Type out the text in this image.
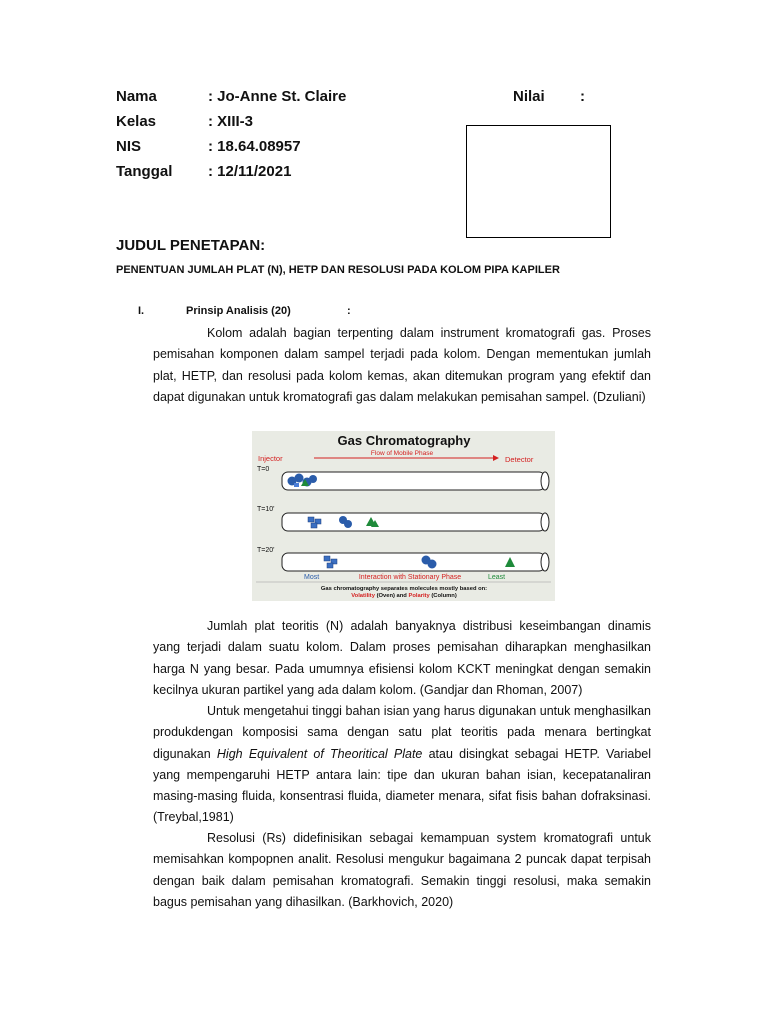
Nama	: Jo-Anne St. Claire
Kelas	: XIII-3
NIS	: 18.64.08957
Tanggal : 12/11/2021
Nilai :
JUDUL PENETAPAN:
PENENTUAN JUMLAH PLAT (N), HETP DAN RESOLUSI PADA KOLOM PIPA KAPILER
I.	Prinsip Analisis (20)	:

Kolom adalah bagian terpenting dalam instrument kromatografi gas. Proses pemisahan komponen dalam sampel terjadi pada kolom. Dengan mementukan jumlah plat, HETP, dan resolusi pada kolom kemas, akan ditemukan program yang efektif dan dapat digunakan untuk kromatografi gas dalam melakukan pemisahan sampel. (Dzuliani)

Gas Chromatography
Injector
Flow of Mobile Phase
Detector
T=0
T=10'
T=20'
Most	Interaction with Stationary Phase	Least
Gas chromatography separates molecules mostly based on:
Volatility (Oven) and Polarity (Column)

Jumlah plat teoritis (N) adalah banyaknya distribusi keseimbangan dinamis yang terjadi dalam suatu kolom. Dalam proses pemisahan diharapkan menghasilkan harga N yang besar. Pada umumnya efisiensi kolom KCKT meningkat dengan semakin kecilnya ukuran partikel yang ada dalam kolom. (Gandjar dan Rhoman, 2007)

Untuk mengetahui tinggi bahan isian yang harus digunakan untuk menghasilkan produkdengan komposisi sama dengan satu plat teoritis pada menara bertingkat digunakan High Equivalent of Theoritical Plate atau disingkat sebagai HETP. Variabel yang mempengaruhi HETP antara lain: tipe dan ukuran bahan isian, kecepatanaliran masing-masing fluida, konsentrasi fluida, diameter menara, sifat fisis bahan dofraksinasi. (Treybal,1981)

Resolusi (Rs) didefinisikan sebagai kemampuan system kromatografi untuk memisahkan kompopnen analit. Resolusi mengukur bagaimana 2 puncak dapat terpisah dengan baik dalam pemisahan kromatografi. Semakin tinggi resolusi, maka semakin bagus pemisahan yang dihasilkan. (Barkhovich, 2020)
